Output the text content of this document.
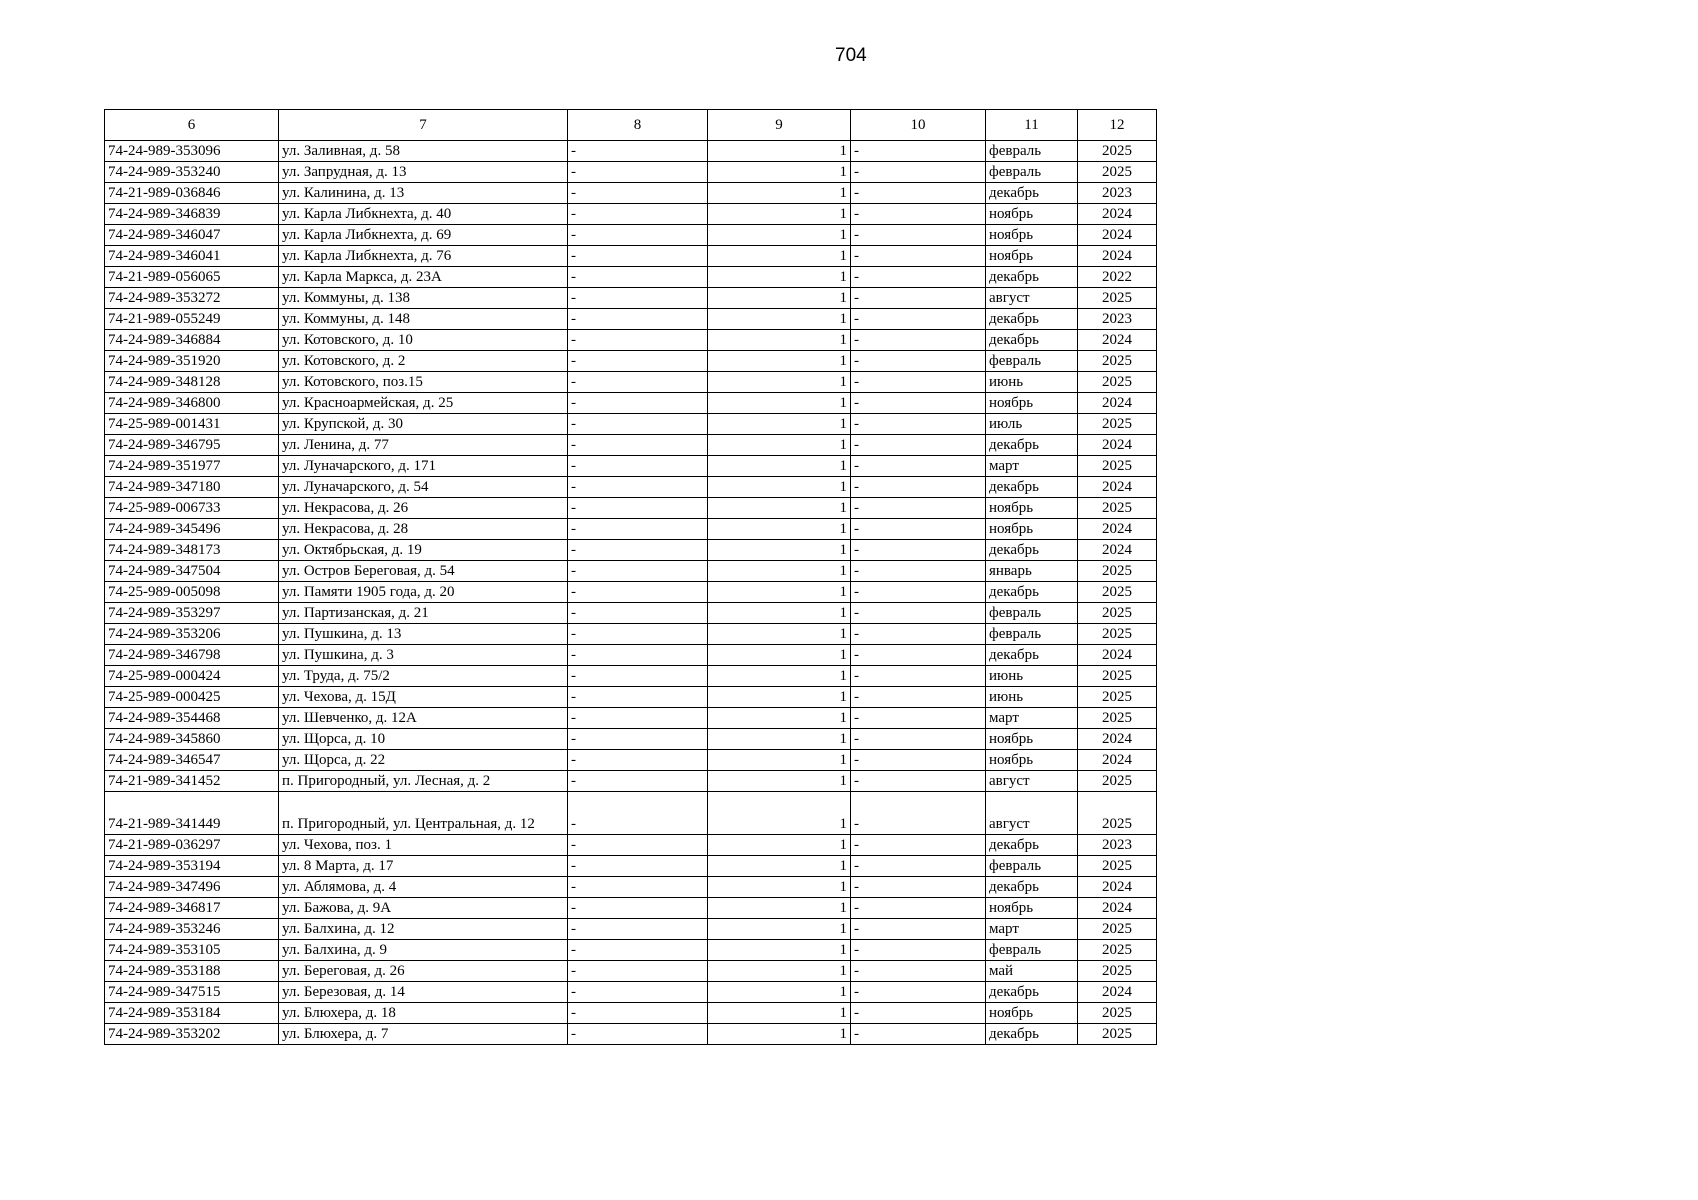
704
6	7	8	9	10	11	12
74-24-989-353096	ул. Заливная, д. 58	-	1	-	февраль	2025
74-24-989-353240	ул. Запрудная, д. 13	-	1	-	февраль	2025
74-21-989-036846	ул. Калинина, д. 13	-	1	-	декабрь	2023
74-24-989-346839	ул. Карла Либкнехта, д. 40	-	1	-	ноябрь	2024
74-24-989-346047	ул. Карла Либкнехта, д. 69	-	1	-	ноябрь	2024
74-24-989-346041	ул. Карла Либкнехта, д. 76	-	1	-	ноябрь	2024
74-21-989-056065	ул. Карла Маркса, д. 23А	-	1	-	декабрь	2022
74-24-989-353272	ул. Коммуны, д. 138	-	1	-	август	2025
74-21-989-055249	ул. Коммуны, д. 148	-	1	-	декабрь	2023
74-24-989-346884	ул. Котовского, д. 10	-	1	-	декабрь	2024
74-24-989-351920	ул. Котовского, д. 2	-	1	-	февраль	2025
74-24-989-348128	ул. Котовского, поз.15	-	1	-	июнь	2025
74-24-989-346800	ул. Красноармейская, д. 25	-	1	-	ноябрь	2024
74-25-989-001431	ул. Крупской, д. 30	-	1	-	июль	2025
74-24-989-346795	ул. Ленина, д. 77	-	1	-	декабрь	2024
74-24-989-351977	ул. Луначарского, д. 171	-	1	-	март	2025
74-24-989-347180	ул. Луначарского, д. 54	-	1	-	декабрь	2024
74-25-989-006733	ул. Некрасова, д. 26	-	1	-	ноябрь	2025
74-24-989-345496	ул. Некрасова, д. 28	-	1	-	ноябрь	2024
74-24-989-348173	ул. Октябрьская, д. 19	-	1	-	декабрь	2024
74-24-989-347504	ул. Остров Береговая, д. 54	-	1	-	январь	2025
74-25-989-005098	ул. Памяти 1905 года, д. 20	-	1	-	декабрь	2025
74-24-989-353297	ул. Партизанская, д. 21	-	1	-	февраль	2025
74-24-989-353206	ул. Пушкина, д. 13	-	1	-	февраль	2025
74-24-989-346798	ул. Пушкина, д. 3	-	1	-	декабрь	2024
74-25-989-000424	ул. Труда, д. 75/2	-	1	-	июнь	2025
74-25-989-000425	ул. Чехова, д. 15Д	-	1	-	июнь	2025
74-24-989-354468	ул. Шевченко, д. 12А	-	1	-	март	2025
74-24-989-345860	ул. Щорса, д. 10	-	1	-	ноябрь	2024
74-24-989-346547	ул. Щорса, д. 22	-	1	-	ноябрь	2024
74-21-989-341452	п. Пригородный, ул. Лесная, д. 2	-	1	-	август	2025
74-21-989-341449	п. Пригородный, ул. Центральная, д. 12	-	1	-	август	2025
74-21-989-036297	ул. Чехова, поз. 1	-	1	-	декабрь	2023
74-24-989-353194	ул. 8 Марта, д. 17	-	1	-	февраль	2025
74-24-989-347496	ул. Аблямова, д. 4	-	1	-	декабрь	2024
74-24-989-346817	ул. Бажова, д. 9А	-	1	-	ноябрь	2024
74-24-989-353246	ул. Балхина, д. 12	-	1	-	март	2025
74-24-989-353105	ул. Балхина, д. 9	-	1	-	февраль	2025
74-24-989-353188	ул. Береговая, д. 26	-	1	-	май	2025
74-24-989-347515	ул. Березовая, д. 14	-	1	-	декабрь	2024
74-24-989-353184	ул. Блюхера, д. 18	-	1	-	ноябрь	2025
74-24-989-353202	ул. Блюхера, д. 7	-	1	-	декабрь	2025
